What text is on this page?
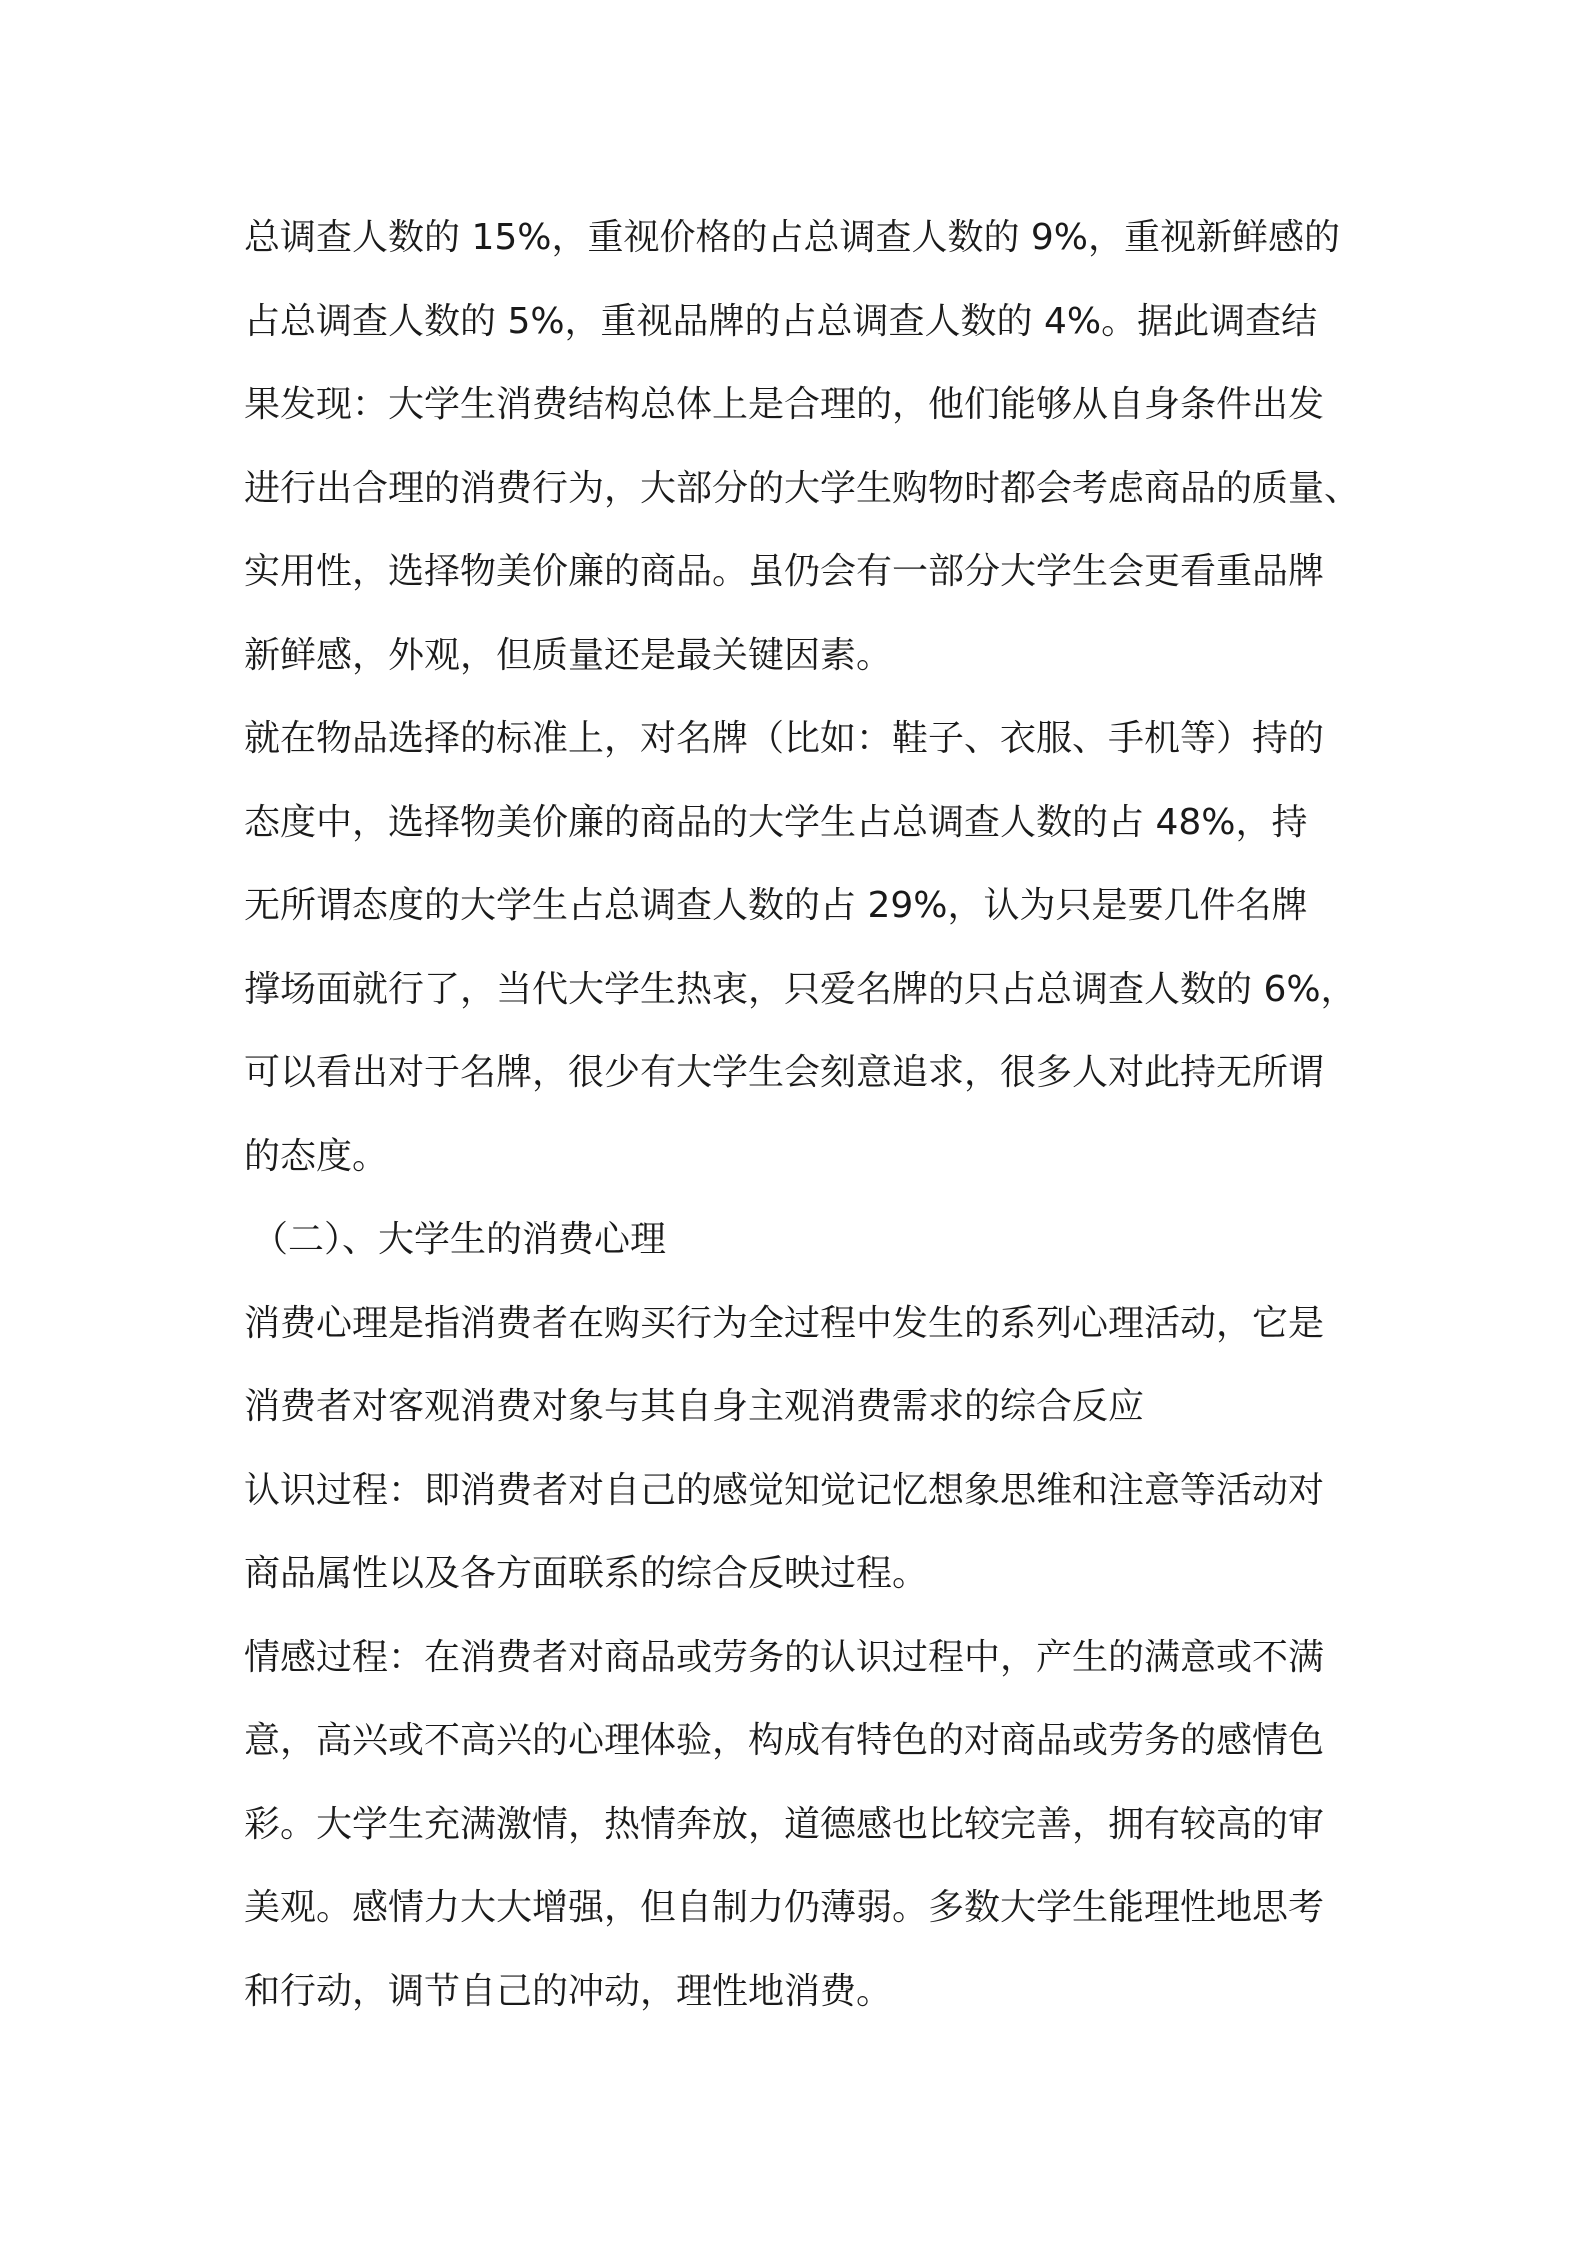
总调查人数的 15%，重视价格的占总调查人数的 9%，重视新鲜感的
占总调查人数的 5%，重视品牌的占总调查人数的 4%。据此调查结
果发现：大学生消费结构总体上是合理的，他们能够从自身条件出发
进行出合理的消费行为，大部分的大学生购物时都会考虑商品的质量、
实用性，选择物美价廉的商品。虽仍会有一部分大学生会更看重品牌
新鲜感，外观，但质量还是最关键因素。
就在物品选择的标准上，对名牌（比如：鞋子、衣服、手机等）持的
态度中，选择物美价廉的商品的大学生占总调查人数的占 48%，持
无所谓态度的大学生占总调查人数的占 29%，认为只是要几件名牌
撑场面就行了，当代大学生热衷，只爱名牌的只占总调查人数的 6%，
可以看出对于名牌，很少有大学生会刻意追求，很多人对此持无所谓
的态度。
（二）、大学生的消费心理
消费心理是指消费者在购买行为全过程中发生的系列心理活动，它是
消费者对客观消费对象与其自身主观消费需求的综合反应
认识过程：即消费者对自己的感觉知觉记忆想象思维和注意等活动对
商品属性以及各方面联系的综合反映过程。
情感过程：在消费者对商品或劳务的认识过程中，产生的满意或不满
意，高兴或不高兴的心理体验，构成有特色的对商品或劳务的感情色
彩。大学生充满激情，热情奔放，道德感也比较完善，拥有较高的审
美观。感情力大大增强，但自制力仍薄弱。多数大学生能理性地思考
和行动，调节自己的冲动，理性地消费。
